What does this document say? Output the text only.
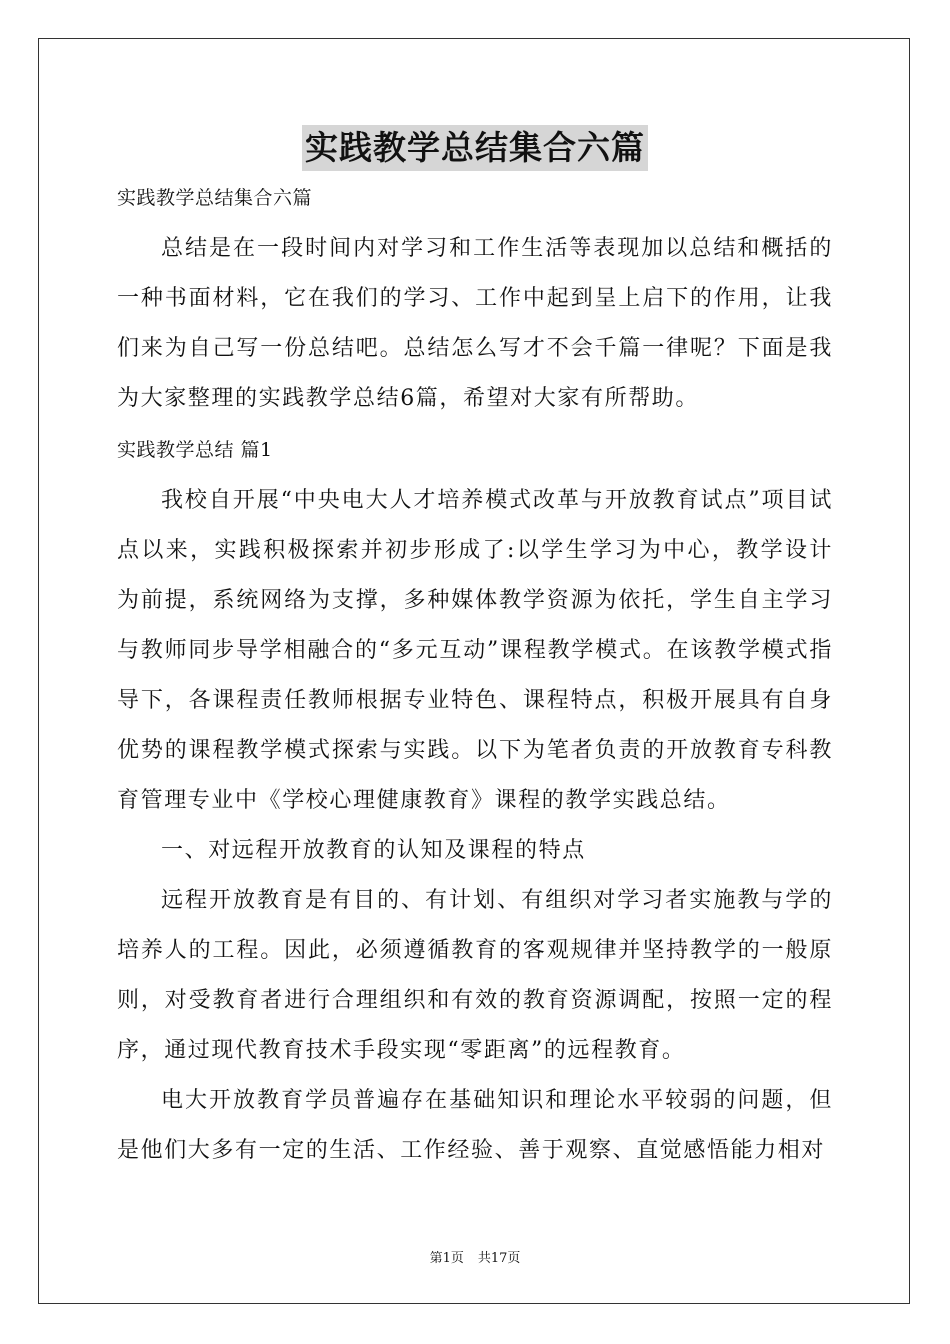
实践教学总结集合六篇

实践教学总结集合六篇

总结是在一段时间内对学习和工作生活等表现加以总结和概括的一种书面材料，它在我们的学习、工作中起到呈上启下的作用，让我们来为自己写一份总结吧。总结怎么写才不会千篇一律呢？下面是我为大家整理的实践教学总结6篇，希望对大家有所帮助。

实践教学总结 篇1

我校自开展“中央电大人才培养模式改革与开放教育试点”项目试点以来，实践积极探索并初步形成了:以学生学习为中心，教学设计为前提，系统网络为支撑，多种媒体教学资源为依托，学生自主学习与教师同步导学相融合的“多元互动”课程教学模式。在该教学模式指导下，各课程责任教师根据专业特色、课程特点，积极开展具有自身优势的课程教学模式探索与实践。以下为笔者负责的开放教育专科教育管理专业中《学校心理健康教育》课程的教学实践总结。

一、对远程开放教育的认知及课程的特点

远程开放教育是有目的、有计划、有组织对学习者实施教与学的培养人的工程。因此，必须遵循教育的客观规律并坚持教学的一般原则，对受教育者进行合理组织和有效的教育资源调配，按照一定的程序，通过现代教育技术手段实现“零距离”的远程教育。

电大开放教育学员普遍存在基础知识和理论水平较弱的问题，但是他们大多有一定的生活、工作经验、善于观察、直觉感悟能力相对

第1页 共17页
